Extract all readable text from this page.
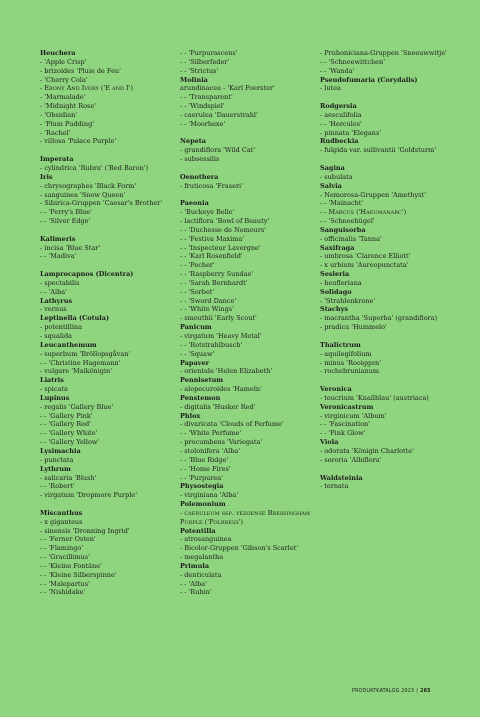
Heuchera
- 'Apple Crisp'
- brizoides 'Pluie de Feu'
- 'Cherry Cola'
- Ebony And Ivory ('E and I')
- 'Marmalade'
- 'Midnight Rose'
- 'Obsidian'
- 'Plum Pudding'
- 'Rachel'
- villosa 'Palace Purple'
Imperata
- cylindrica 'Rubra' ('Red Baron')
Iris
- chrysographes 'Black Form'
- sanguinea 'Snow Queen'
- Sibirica-Gruppen 'Caesar's Brother'
- - 'Perry's Blue'
- - 'Silver Edge'
Kalimeris
- incisa 'Blue Star'
- - 'Madiva'
Lamprocapnos (Dicentra)
- spectabilis
- - 'Alba'
Lathyrus
- vernus
Leptinella (Cotula)
- potentillina
- squalida
Leucanthemum
- superbum 'Bröllopsgåvan'
- - 'Christine Hagemann'
- vulgare 'Maikönigin'
Liatris
- spicata
Lupinus
- regalis 'Gallery Blue'
- - 'Gallery Pink'
- - 'Gallery Red'
- - 'Gallery White'
- - 'Gallery Yellow'
Lysimachia
- punctata
Lythrum
- salicaria 'Blush'
- - 'Robert'
- virgatum 'Dropmore Purple'
Miscanthus
- x giganteus
- sinensis 'Dronning Ingrid'
- - 'Ferner Osten'
- - 'Flamingo'
- - 'Gracillimus'
- - 'Kleine Fontäne'
- - 'Kleine Silberspinne'
- - 'Malepartus'
- - 'Nishidake'
- - 'Purpurascens'
- - 'Silberfeder'
- - 'Strictus'
Molinia
arundinacea - 'Karl Foerster'
- - 'Transparent'
- - 'Windspiel'
- caerulea 'Dauerstrahl'
- - 'Moorhexe'
Nepeta
- grandiflora 'Wild Cat'
- subsessilis
Oenothera
- fruticosa 'Fraseri'
Paeonia
- 'Buckeye Belle'
- lactiflora 'Bowl of Beauty'
- - 'Duchesse de Nemours'
- - 'Festiva Maxima'
- - 'Inspecteur Lavergne'
- - 'Karl Rosenfield'
- - 'Pecher'
- - 'Raspberry Sundae'
- - 'Sarah Bernhardt'
- - 'Sorbet'
- - 'Sword Dance'
- - 'White Wings'
- smouthii 'Early Scout'
Panicum
- virgatum 'Heavy Metal'
- - 'Rotstrahlbusch'
- - 'Squaw'
Papaver
- orientale 'Helen Elizabeth'
Pennisetum
- alopecuroides 'Hameln'
Penstemon
- digitalis 'Husker Red'
Phlox
- divaricata 'Clouds of Perfume'
- - 'White Perfume'
- procumbens 'Variegata'
- stolonifera 'Alba'
- - 'Blue Ridge'
- - 'Home Fires'
- - 'Purpurea'
Physostegia
- virginiana 'Alba'
Polemonium
- caeruleum ssp. yezoense Bressingham
Purple ('Polbress')
Potentilla
- atrosanguinea
- Bicolor-Gruppen 'Gibson's Scarlet'
- megalantha
Primula
- denticulata
- - 'Alba'
- - 'Rubin'
- Pruhoniciana-Gruppen 'Sneeuwwitje'
- - 'Schneewittchen'
- - 'Wanda'
Pseudofumaria (Corydalis)
- lutea
Rodgersia
- aesculifolia
- - 'Hercules'
- pinnata 'Elegans'
Rudbeckia
- fulgida var. sullivantii 'Goldsturm'
Sagina
- subulata
Salvia
- Nemorosa-Gruppen 'Amethyst'
- - 'Mainacht'
- - Marcus ('Haeumanarc')
- - 'Schneehügel'
Sanguisorba
- officinalis 'Tanna'
Saxifraga
- umbrosa 'Clarence Elliott'
- x urbium 'Aureopunctata'
Sesleria
- heufleriana
Solidago
- 'Strahlenkrone'
Stachys
- macrantha 'Superba' (grandiflora)
- pradica 'Hummelo'
Thalictrum
- aquilegifolium
- minus 'Rooiggen'
- rochebrunianum
Veronica
- teucrium 'Knallblau' (austriaca)
Veronicastrum
- virginicum 'Album'
- - 'Fascination'
- - 'Pink Glow'
Viola
- odorata 'Königin Charlotte'
- sororia 'Albiflora'
Waldsteinia
- ternata
PRODUKTKATALOG 2023 | 265
